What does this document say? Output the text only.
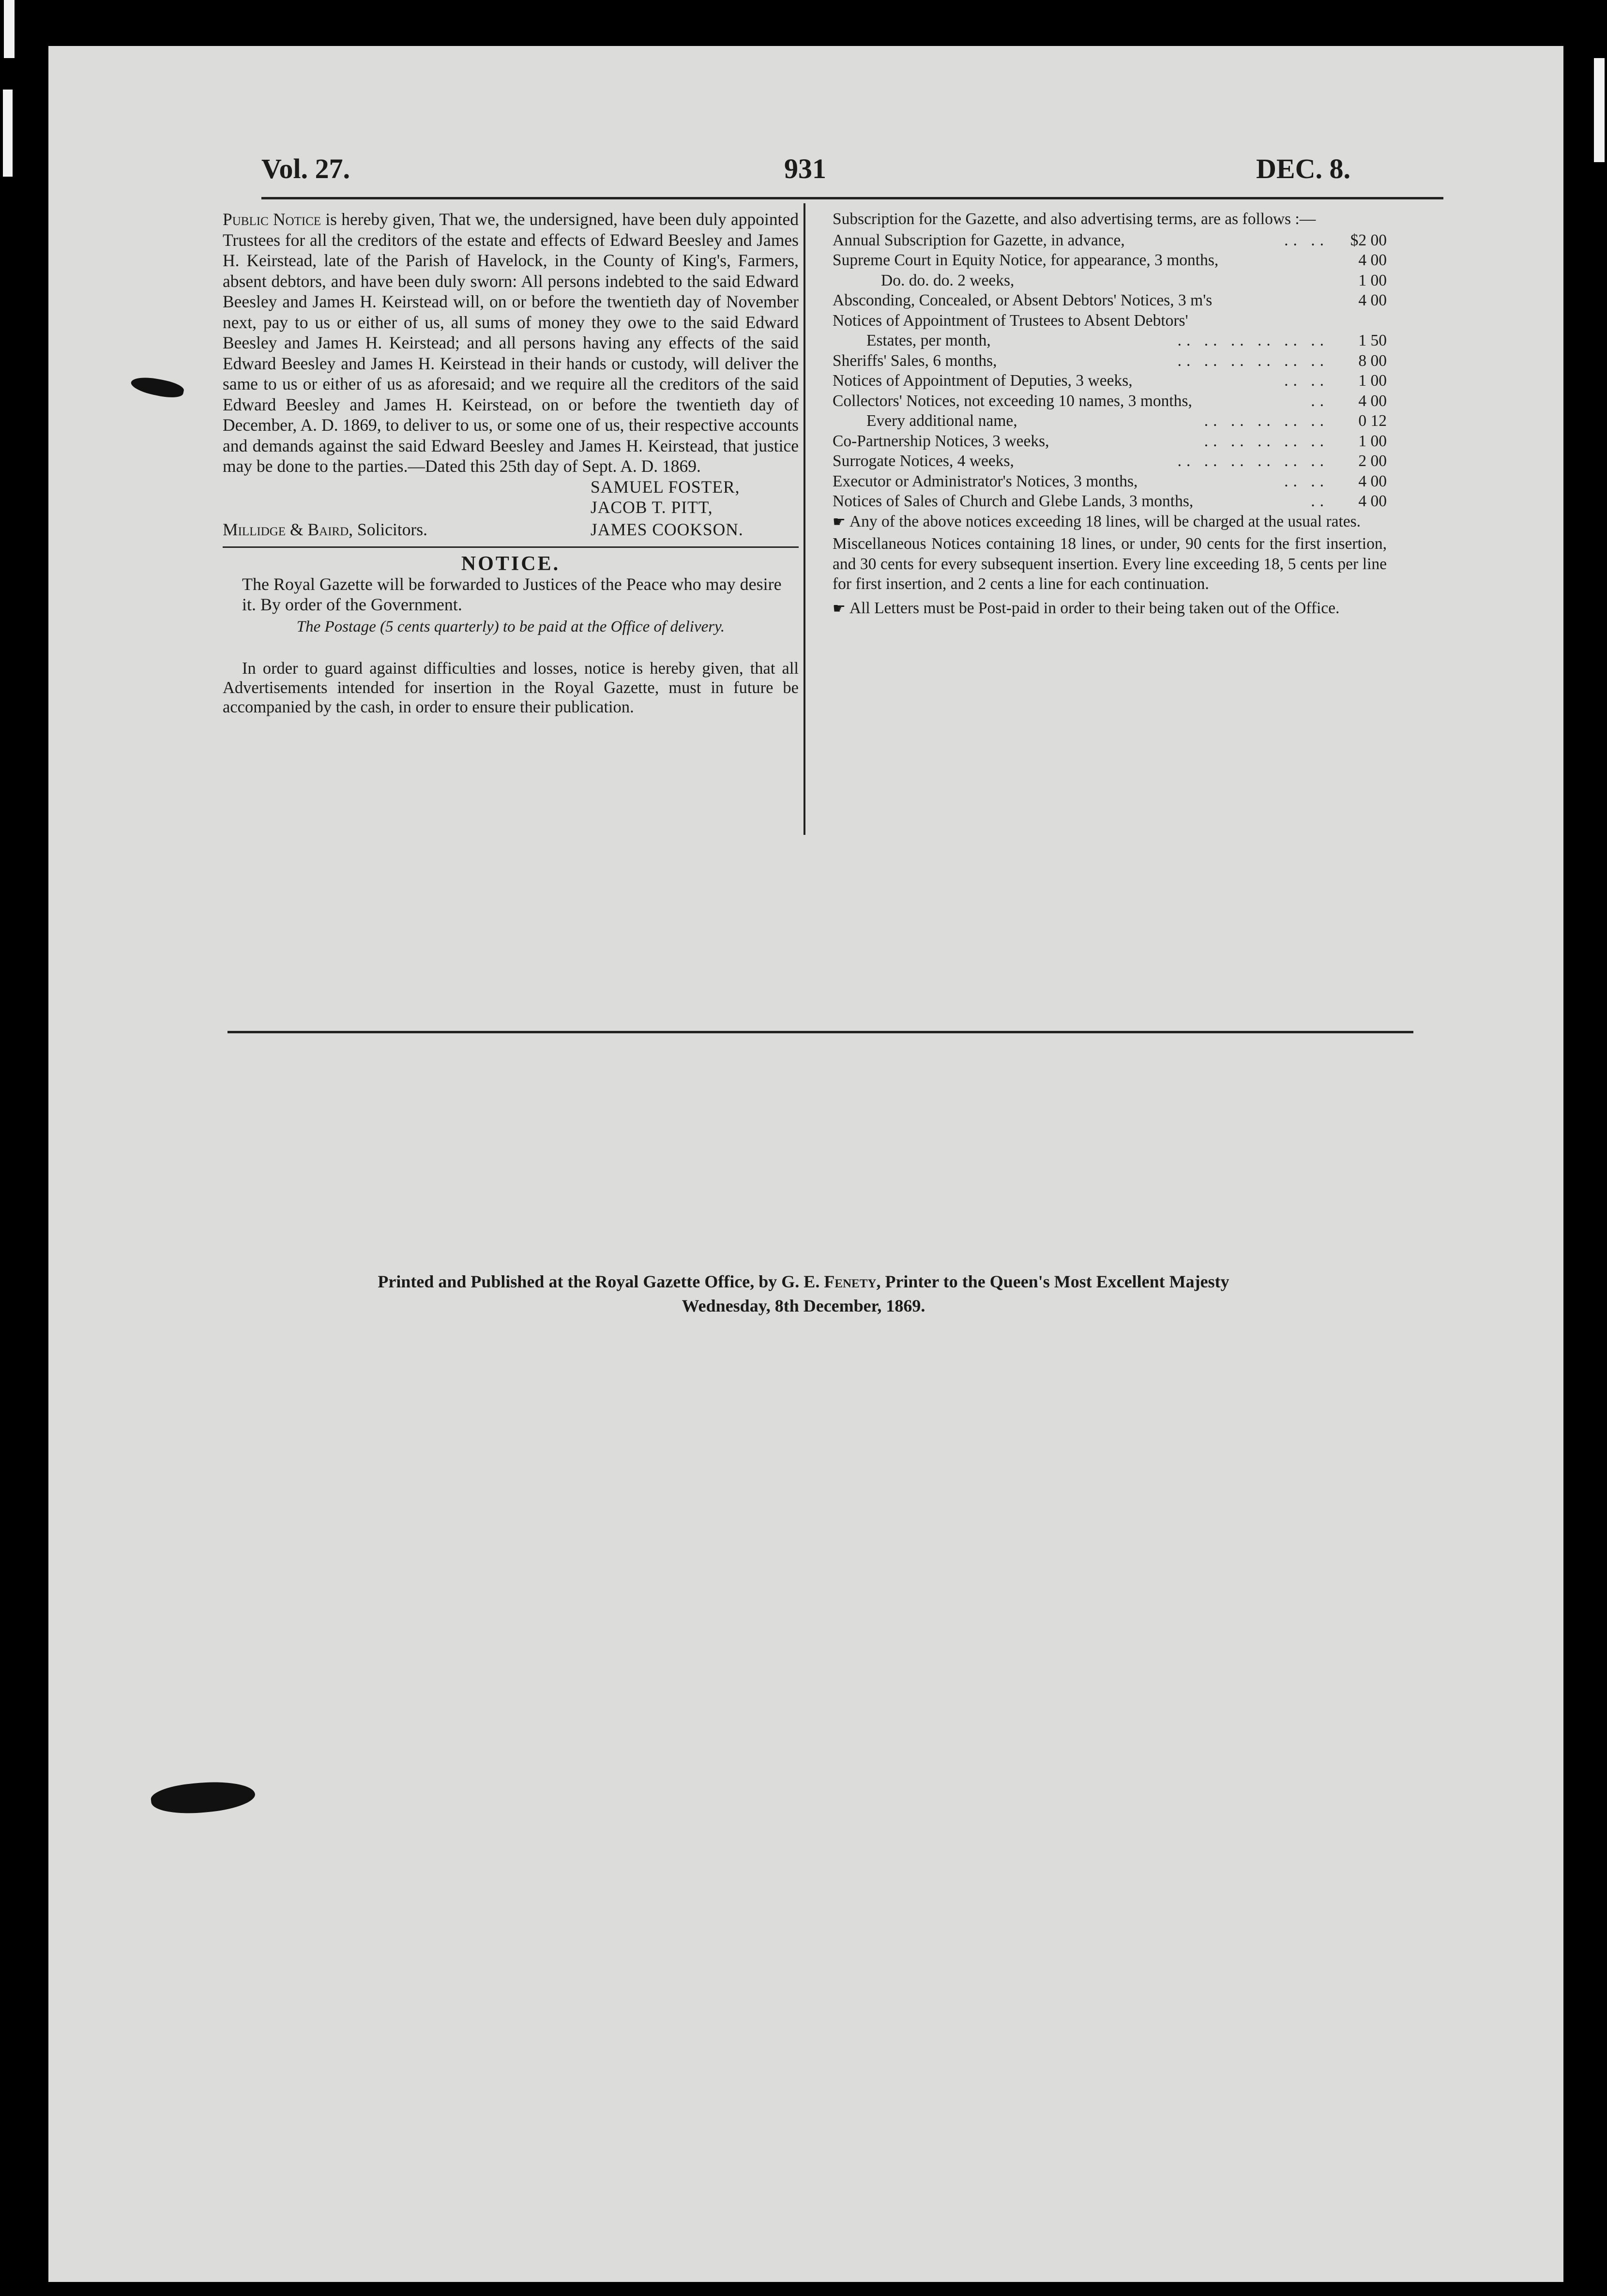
Vol. 27.	931	DEC. 8.
Printed and Published at the Royal Gazette Office, by G. E. Fenety, Printer to the Queen's Most Excellent Majesty
Wednesday, 8th December, 1869.

Public Notice is hereby given, That we, the undersigned, have been duly appointed Trustees for all the creditors of the estate and effects of Edward Beesley and James H. Keirstead, late of the Parish of Havelock, in the County of King's, Farmers, absent debtors, and have been duly sworn: All persons indebted to the said Edward Beesley and James H. Keirstead will, on or before the twentieth day of November next, pay to us or either of us, all sums of money they owe to the said Edward Beesley and James H. Keirstead; and all persons having any effects of the said Edward Beesley and James H. Keirstead in their hands or custody, will deliver the same to us or either of us as aforesaid; and we require all the creditors of the said Edward Beesley and James H. Keirstead, on or before the twentieth day of December, A. D. 1869, to deliver to us, or some one of us, their respective accounts and demands against the said Edward Beesley and James H. Keirstead, that justice may be done to the parties.—Dated this 25th day of Sept. A. D. 1869.

SAMUEL FOSTER,
JACOB T. PITT,
Millidge & Baird, Solicitors.	JAMES COOKSON.
NOTICE.
The Royal Gazette will be forwarded to Justices of the Peace who may desire it. By order of the Government.
The Postage (5 cents quarterly) to be paid at the Office of delivery.
In order to guard against difficulties and losses, notice is hereby given, that all Advertisements intended for insertion in the Royal Gazette, must in future be accompanied by the cash, in order to ensure their publication.
Subscription for the Gazette, and also advertising terms, are as follows :—
Annual Subscription for Gazette, in advance,	.. .. $2 00
Supreme Court in Equity Notice, for appearance, 3 months,	4 00
Do. do. do. 2 weeks,	1 00
Absconding, Concealed, or Absent Debtors' Notices, 3 m's	4 00
Notices of Appointment of Trustees to Absent Debtors'
Estates, per month,	.. .. .. .. .. .. 1 50
Sheriffs' Sales, 6 months,	.. .. .. .. .. .. 8 00
Notices of Appointment of Deputies, 3 weeks,	.. .. 1 00
Collectors' Notices, not exceeding 10 names, 3 months,	.. 4 00
Every additional name,	.. .. .. .. .. 0 12
Co-Partnership Notices, 3 weeks,	.. .. .. .. .. 1 00
Surrogate Notices, 4 weeks,	.. .. .. .. .. .. 2 00
Executor or Administrator's Notices, 3 months,	.. .. 4 00
Notices of Sales of Church and Glebe Lands, 3 months,	.. 4 00
☛ Any of the above notices exceeding 18 lines, will be charged at the usual rates.
Miscellaneous Notices containing 18 lines, or under, 90 cents for the first insertion, and 30 cents for every subsequent insertion. Every line exceeding 18, 5 cents per line for first insertion, and 2 cents a line for each continuation.
☛ All Letters must be Post-paid in order to their being taken out of the Office.
